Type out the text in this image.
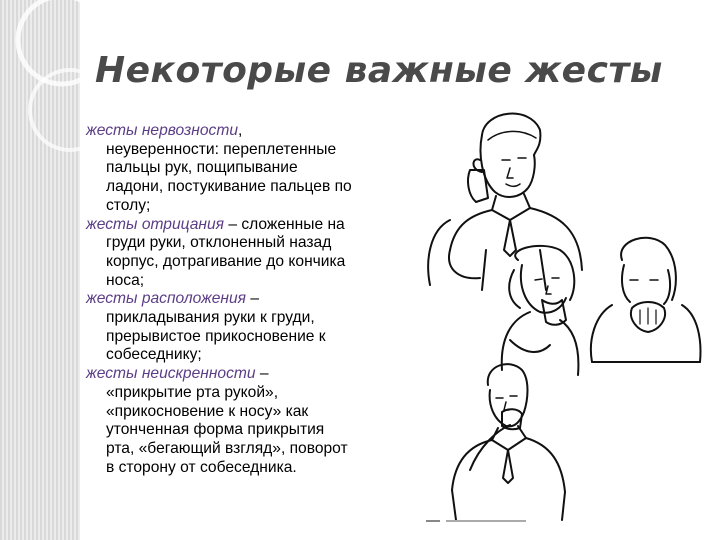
Некоторые важные жесты
жесты нервозности,
неуверенности: переплетенные
пальцы рук, пощипывание
ладони, постукивание пальцев по
столу;
жесты отрицания – сложенные на
груди руки, отклоненный назад
корпус, дотрагивание до кончика
носа;
жесты расположения –
прикладывания руки к груди,
прерывистое прикосновение к
собеседнику;
жесты неискренности –
«прикрытие рта рукой»,
«прикосновение к носу» как
утонченная форма прикрытия
рта, «бегающий взгляд», поворот
в сторону от собеседника.
